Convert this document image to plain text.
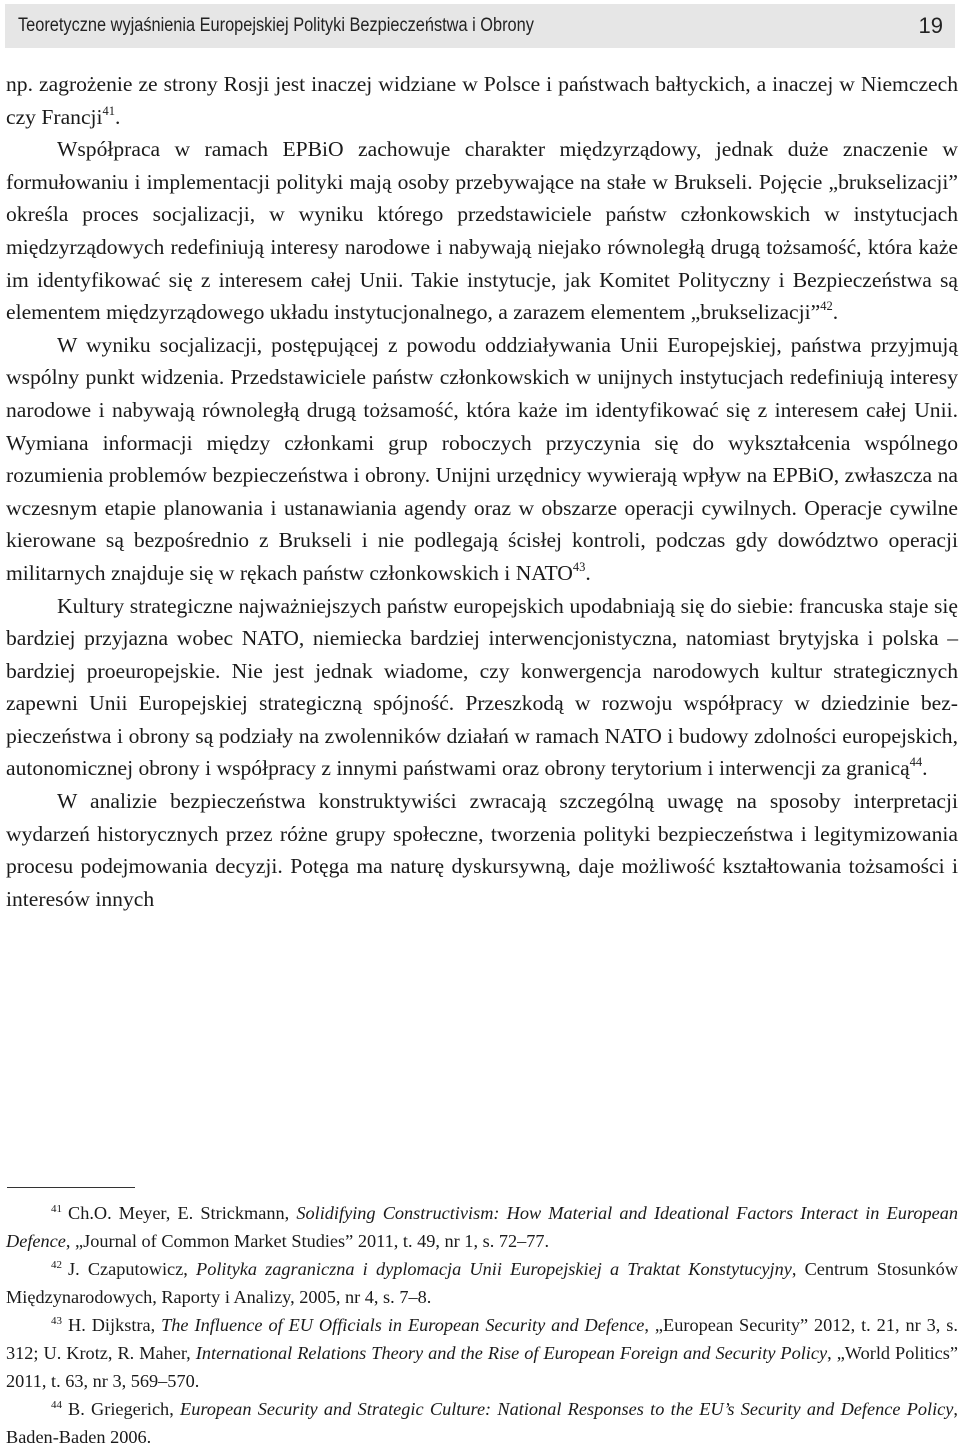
Teoretyczne wyjaśnienia Europejskiej Polityki Bezpieczeństwa i Obrony	19

np. zagrożenie ze strony Rosji jest inaczej widziane w Polsce i państwach bałtyckich, a inaczej w Niemczech czy Francji$^{41}$.

Współpraca w ramach EPBiO zachowuje charakter międzyrządowy, jednak duże znaczenie w formułowaniu i implementacji polityki mają osoby przebywające na stałe w Brukseli. Pojęcie „brukselizacji” określa proces socjalizacji, w wyniku którego przedstawiciele państw członkowskich w instytucjach międzyrządowych redefiniują interesy narodowe i nabywają niejako równoległą drugą tożsamość, która każe im identyfikować się z interesem całej Unii. Takie instytucje, jak Komitet Polityczny i Bezpieczeństwa są elementem międzyrządowego układu instytucjonalnego, a zarazem elementem „brukselizacji”$^{42}$.

W wyniku socjalizacji, postępującej z powodu oddziaływania Unii Europejskiej, państwa przyjmują wspólny punkt widzenia. Przedstawiciele państw członkowskich w unijnych instytucjach redefiniują interesy narodowe i nabywają równoległą drugą tożsamość, która każe im identyfikować się z interesem całej Unii. Wymiana informacji między członkami grup roboczych przyczynia się do wykształcenia wspólnego rozumienia problemów bezpieczeństwa i obrony. Unijni urzędnicy wywierają wpływ na EPBiO, zwłaszcza na wczesnym etapie planowania i ustanawiania agendy oraz w obszarze operacji cywilnych. Operacje cywilne kierowane są bezpośrednio z Brukseli i nie podlegają ścisłej kontroli, podczas gdy dowództwo operacji militarnych znajduje się w rękach państw członkowskich i NATO$^{43}$.

Kultury strategiczne najważniejszych państw europejskich upodabniają się do siebie: francuska staje się bardziej przyjazna wobec NATO, niemiecka bardziej interwencjonistyczna, natomiast brytyjska i polska – bardziej proeuropejskie. Nie jest jednak wiadome, czy konwergencja narodowych kultur strategicznych zapewni Unii Europejskiej strategiczną spójność. Przeszkodą w rozwoju współpracy w dziedzinie bezpieczeństwa i obrony są podziały na zwolenników działań w ramach NATO i budowy zdolności europejskich, autonomicznej obrony i współpracy z innymi państwami oraz obrony terytorium i interwencji za granicą$^{44}$.

W analizie bezpieczeństwa konstruktywiści zwracają szczególną uwagę na sposoby interpretacji wydarzeń historycznych przez różne grupy społeczne, tworzenia polityki bezpieczeństwa i legitymizowania procesu podejmowania decyzji. Potęga ma naturę dyskursywną, daje możliwość kształtowania tożsamości i interesów innych

$^{41}$ Ch.O. Meyer, E. Strickmann, Solidifying Constructivism: How Material and Ideational Factors Interact in European Defence, „Journal of Common Market Studies” 2011, t. 49, nr 1, s. 72–77.

$^{42}$ J. Czaputowicz, Polityka zagraniczna i dyplomacja Unii Europejskiej a Traktat Konstytucyjny, Centrum Stosunków Międzynarodowych, Raporty i Analizy, 2005, nr 4, s. 7–8.

$^{43}$ H. Dijkstra, The Influence of EU Officials in European Security and Defence, „European Security” 2012, t. 21, nr 3, s. 312; U. Krotz, R. Maher, International Relations Theory and the Rise of European Foreign and Security Policy, „World Politics” 2011, t. 63, nr 3, 569–570.

$^{44}$ B. Griegerich, European Security and Strategic Culture: National Responses to the EU’s Security and Defence Policy, Baden-Baden 2006.
